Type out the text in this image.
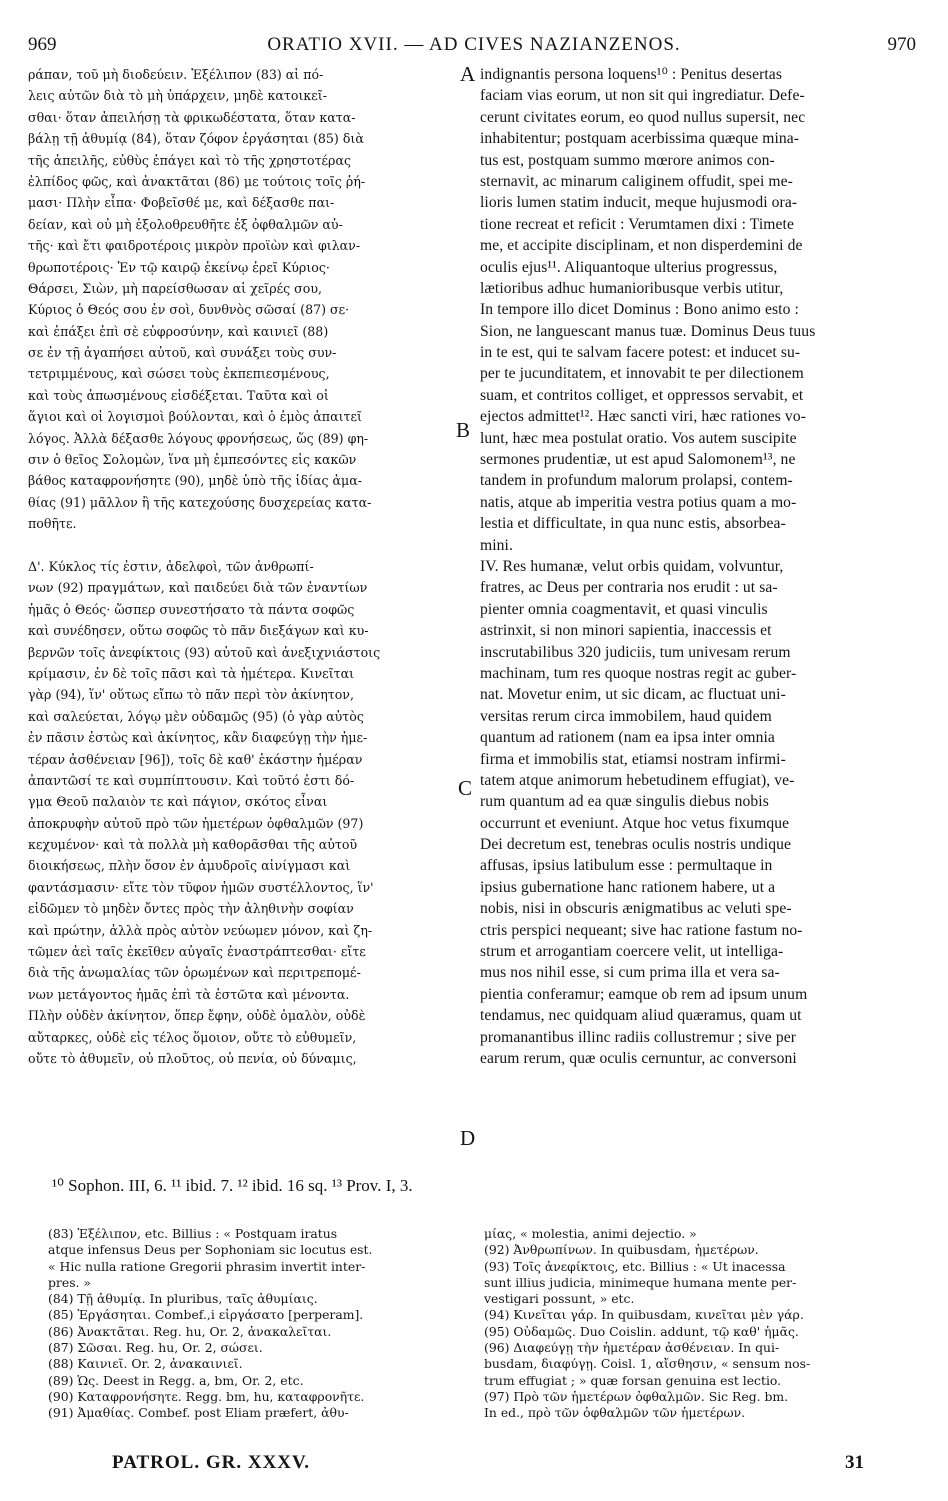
969	ORATIO XVII. — AD CIVES NAZIANZENOS.	970
ράπαν, τοῦ μὴ διοδεύειν. Ἐξέλιπον (83) αἱ πό-
λεις αὐτῶν διὰ τὸ μὴ ὑπάρχειν, μηδὲ κατοικεῖ-
σθαι· ὅταν ἀπειλήσῃ τὰ φρικωδέστατα, ὅταν κατα-
βάλῃ τῇ ἀθυμίᾳ (84), ὅταν ζόφον ἐργάσηται (85) διὰ
τῆς ἀπειλῆς, εὐθὺς ἐπάγει καὶ τὸ τῆς χρηστοτέρας
ἐλπίδος φῶς, καὶ ἀνακτᾶται (86) με τούτοις τοῖς ῥή-
μασι· Πλὴν εἶπα· Φοβεῖσθέ με, καὶ δέξασθε παι-
δείαν, καὶ οὐ μὴ ἐξολοθρευθῆτε ἐξ ὀφθαλμῶν αὐ-
τῆς· καὶ ἔτι φαιδροτέροις μικρὸν προϊὼν καὶ φιλαν-
θρωποτέροις· Ἐν τῷ καιρῷ ἐκείνῳ ἐρεῖ Κύριος·
Θάρσει, Σιὼν, μὴ παρείσθωσαν αἱ χεῖρές σου,
Κύριος ὁ Θεός σου ἐν σοὶ, δυνθνὸς σῶσαί (87) σε·
καὶ ἐπάξει ἐπὶ σὲ εὐφροσύνην, καὶ καινιεῖ (88)
σε ἐν τῇ ἀγαπήσει αὐτοῦ, καὶ συνάξει τοὺς συν-
τετριμμένους, καὶ σώσει τοὺς ἐκπεπιεσμένους,
καὶ τοὺς ἀπωσμένους εἰσδέξεται. Ταῦτα καὶ οἱ
ἅγιοι καὶ οἱ λογισμοὶ βούλονται, καὶ ὁ ἐμὸς ἀπαιτεῖ
λόγος. Ἀλλὰ δέξασθε λόγους φρονήσεως, ὥς (89) φη-
σιν ὁ θεῖος Σολομὼν, ἵνα μὴ ἐμπεσόντες εἰς κακῶν
βάθος καταφρονήσητε (90), μηδὲ ὑπὸ τῆς ἰδίας ἀμα-
θίας (91) μᾶλλον ἢ τῆς κατεχούσης δυσχερείας κατα-
ποθῆτε.

Δ'. Κύκλος τίς ἐστιν, ἀδελφοὶ, τῶν ἀνθρωπί-
νων (92) πραγμάτων, καὶ παιδεύει διὰ τῶν ἐναντίων
ἡμᾶς ὁ Θεός· ὥσπερ συνεστήσατο τὰ πάντα σοφῶς
καὶ συνέδησεν, οὕτω σοφῶς τὸ πᾶν διεξάγων καὶ κυ-
βερνῶν τοῖς ἀνεφίκτοις (93) αὐτοῦ καὶ ἀνεξιχνιάστοις
κρίμασιν, ἐν δὲ τοῖς πᾶσι καὶ τὰ ἡμέτερα. Κινεῖται
γὰρ (94), ἵν' οὕτως εἴπω τὸ πᾶν περὶ τὸν ἀκίνητον,
καὶ σαλεύεται, λόγῳ μὲν οὐδαμῶς (95) (ὁ γὰρ αὐτὸς
ἐν πᾶσιν ἑστὼς καὶ ἀκίνητος, κἂν διαφεύγῃ τὴν ἡμε-
τέραν ἀσθένειαν [96]), τοῖς δὲ καθ' ἑκάστην ἡμέραν
ἀπαντῶσί τε καὶ συμπίπτουσιν. Καὶ τοῦτό ἐστι δό-
γμα Θεοῦ παλαιὸν τε καὶ πάγιον, σκότος εἶναι
ἀποκρυφὴν αὐτοῦ πρὸ τῶν ἡμετέρων ὀφθαλμῶν (97)
κεχυμένον· καὶ τὰ πολλὰ μὴ καθορᾶσθαι τῆς αὐτοῦ
διοικήσεως, πλὴν ὅσον ἐν ἀμυδροῖς αἰνίγμασι καὶ
φαντάσμασιν· εἴτε τὸν τῦφον ἡμῶν συστέλλοντος, ἵν'
εἰδῶμεν τὸ μηδὲν ὄντες πρὸς τὴν ἀληθινὴν σοφίαν
καὶ πρώτην, ἀλλὰ πρὸς αὐτὸν νεύωμεν μόνον, καὶ ζη-
τῶμεν ἀεὶ ταῖς ἐκεῖθεν αὐγαῖς ἐναστράπτεσθαι· εἴτε
διὰ τῆς ἀνωμαλίας τῶν ὁρωμένων καὶ περιτρεπομέ-
νων μετάγοντος ἡμᾶς ἐπὶ τὰ ἑστῶτα καὶ μένοντα.
Πλὴν οὐδὲν ἀκίνητον, ὅπερ ἔφην, οὐδὲ ὁμαλὸν, οὐδὲ
αὔταρκες, οὐδὲ εἰς τέλος ὅμοιον, οὔτε τὸ εὐθυμεῖν,
οὔτε τὸ ἀθυμεῖν, οὐ πλοῦτος, οὐ πενία, οὐ δύναμις,
indignantis persona loquens¹⁰ : Penitus desertas
faciam vias eorum, ut non sit qui ingrediatur. Defe-
cerunt civitates eorum, eo quod nullus supersit, nec
inhabitentur; postquam acerbissima quæque mina-
tus est, postquam summo mœrore animos con-
sternavit, ac minarum caliginem offudit, spei me-
lioris lumen statim inducit, meque hujusmodi ora-
tione recreat et reficit : Verumtamen dixi : Timete
me, et accipite disciplinam, et non disperdemini de
oculis ejus¹¹. Aliquantoque ulterius progressus,
lætioribus adhuc humanioribusque verbis utitur,
In tempore illo dicet Dominus : Bono animo esto :
Sion, ne languescant manus tuæ. Dominus Deus tuus
in te est, qui te salvam facere potest: et inducet su-
per te jucunditatem, et innovabit te per dilectionem
suam, et contritos colliget, et oppressos servabit, et
ejectos admittet¹². Hæc sancti viri, hæc rationes vo-
lunt, hæc mea postulat oratio. Vos autem suscipite
sermones prudentiæ, ut est apud Salomonem¹³, ne
tandem in profundum malorum prolapsi, contem-
natis, atque ab imperitia vestra potius quam a mo-
lestia et difficultate, in qua nunc estis, absorbea-
mini.
IV. Res humanæ, velut orbis quidam, volvuntur,
fratres, ac Deus per contraria nos erudit : ut sa-
pienter omnia coagmentavit, et quasi vinculis
astrinxit, si non minori sapientia, inaccessis et
inscrutabilibus 320 judiciis, tum univesam rerum
machinam, tum res quoque nostras regit ac guber-
nat. Movetur enim, ut sic dicam, ac fluctuat uni-
versitas rerum circa immobilem, haud quidem
quantum ad rationem (nam ea ipsa inter omnia
firma et immobilis stat, etiamsi nostram infirmi-
tatem atque animorum hebetudinem effugiat), ve-
rum quantum ad ea quæ singulis diebus nobis
occurrunt et eveniunt. Atque hoc vetus fixumque
Dei decretum est, tenebras oculis nostris undique
affusas, ipsius latibulum esse : permultaque in
ipsius gubernatione hanc rationem habere, ut a
nobis, nisi in obscuris ænigmatibus ac veluti spe-
ctris perspici nequeant; sive hac ratione fastum no-
strum et arrogantiam coercere velit, ut intelliga-
mus nos nihil esse, si cum prima illa et vera sa-
pientia conferamur; eamque ob rem ad ipsum unum
tendamus, nec quidquam aliud quæramus, quam ut
promanantibus illinc radiis collustremur ; sive per
earum rerum, quæ oculis cernuntur, ac conversoni
A
B
C
D
¹⁰ Sophon. III, 6. ¹¹ ibid. 7. ¹² ibid. 16 sq. ¹³ Prov. I, 3.
(83) Ἐξέλιπον, etc. Billius : « Postquam iratus
atque infensus Deus per Sophoniam sic locutus est.
« Hic nulla ratione Gregorii phrasim invertit inter-
pres. »
(84) Τῇ ἀθυμίᾳ. In pluribus, ταῖς ἀθυμίαις.
(85) Ἐργάσηται. Combef.,i εἰργάσατο [perperam].
(86) Ἀνακτᾶται. Reg. hu, Or. 2, ἀνακαλεῖται.
(87) Σῶσαι. Reg. hu, Or. 2, σώσει.
(88) Καινιεῖ. Or. 2, ἀνακαινιεῖ.
(89) Ὡς. Deest in Regg. a, bm, Or. 2, etc.
(90) Καταφρονήσητε. Regg. bm, hu, καταφρονῆτε.
(91) Ἀμαθίας. Combef. post Eliam præfert, ἀθυ-
μίας, « molestia, animi dejectio. »
(92) Ἀνθρωπίνων. In quibusdam, ἡμετέρων.
(93) Τοῖς ἀνεφίκτοις, etc. Billius : « Ut inacessa
sunt illius judicia, minimeque humana mente per-
vestigari possunt, » etc.
(94) Κινεῖται γάρ. In quibusdam, κινεῖται μὲν γάρ.
(95) Οὐδαμῶς. Duo Coislin. addunt, τῷ καθ' ἡμᾶς.
(96) Διαφεύγῃ τὴν ἡμετέραν ἀσθένειαν. In qui-
busdam, διαφύγῃ. Coisl. 1, αἴσθησιν, « sensum nos-
trum effugiat ; » quæ forsan genuina est lectio.
(97) Πρὸ τῶν ἡμετέρων ὀφθαλμῶν. Sic Reg. bm.
In ed., πρὸ τῶν ὀφθαλμῶν τῶν ἡμετέρων.
PATROL. GR. XXXV.	31
